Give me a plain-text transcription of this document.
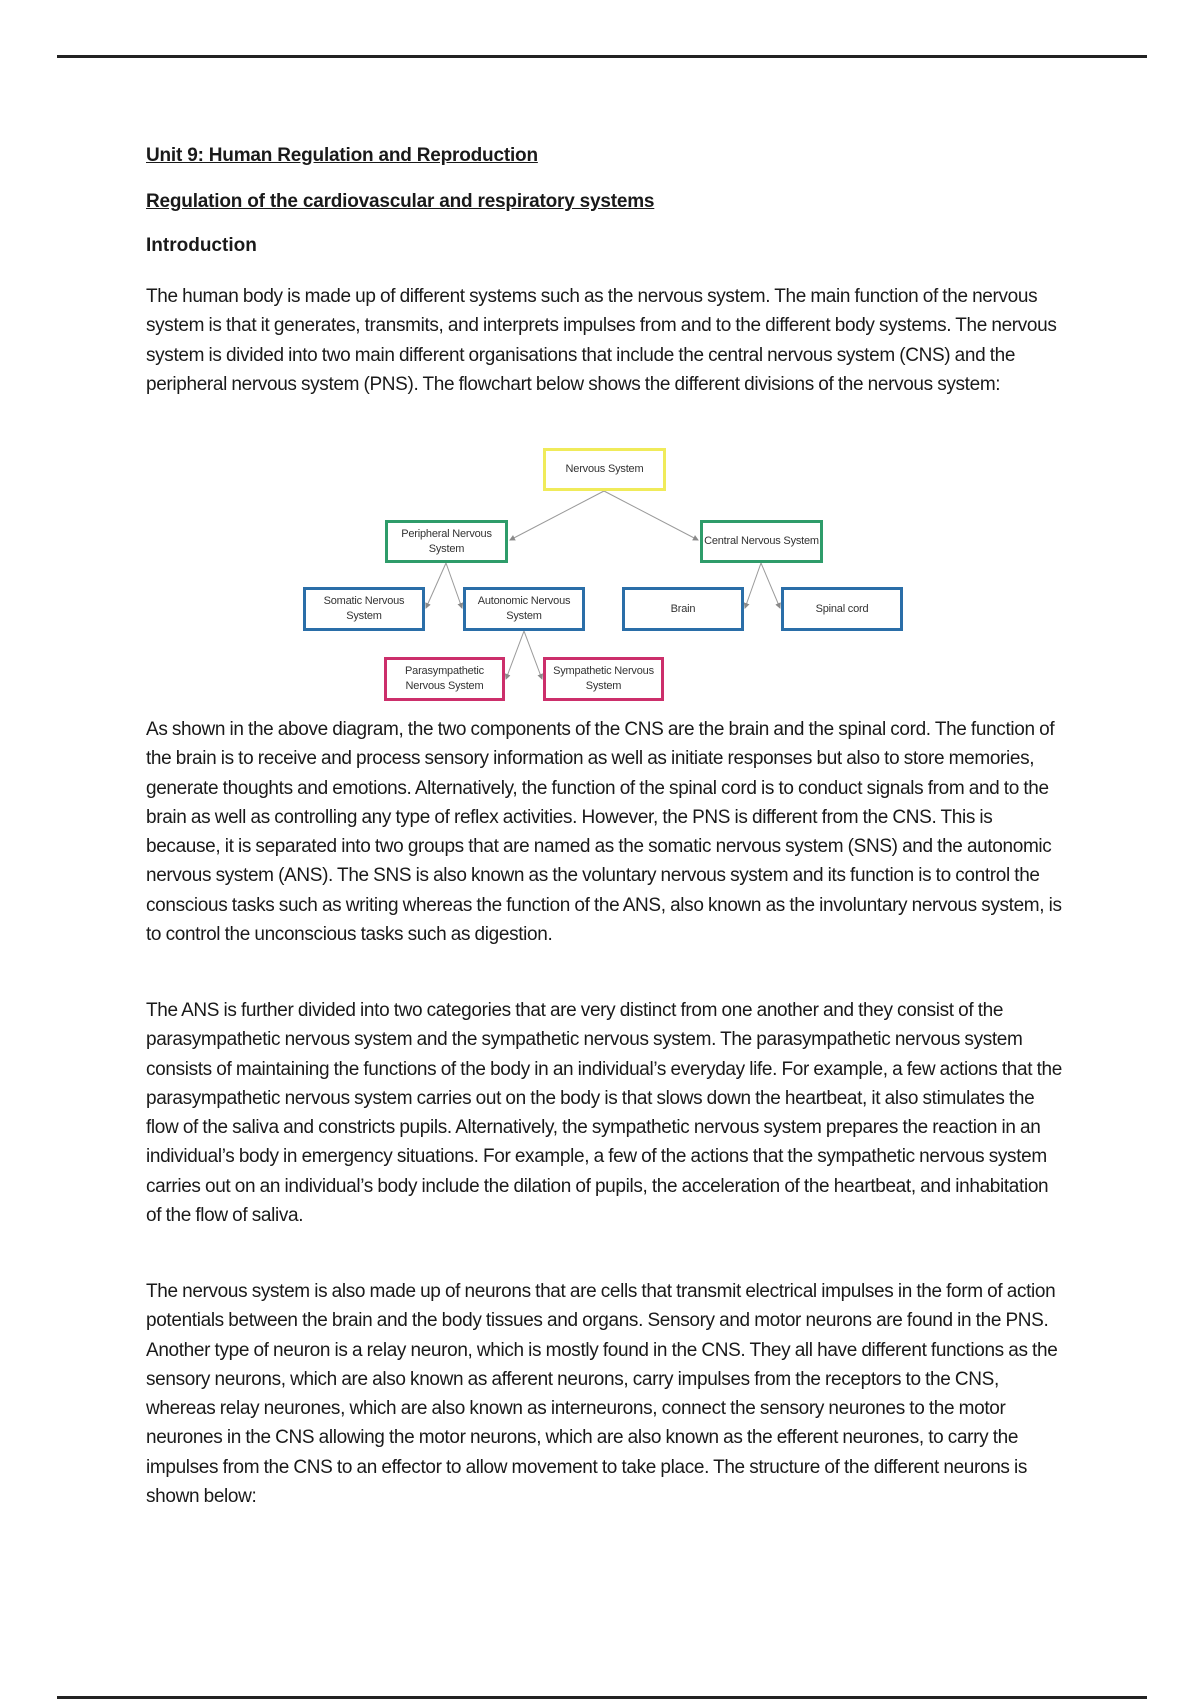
Unit 9: Human Regulation and Reproduction
Regulation of the cardiovascular and respiratory systems
Introduction

The human body is made up of different systems such as the nervous system. The main function of the nervous system is that it generates, transmits, and interprets impulses from and to the different body systems. The nervous system is divided into two main different organisations that include the central nervous system (CNS) and the peripheral nervous system (PNS). The flowchart below shows the different divisions of the nervous system:

Nervous System
Peripheral Nervous System
Central Nervous System
Somatic Nervous System
Autonomic Nervous System
Brain	Spinal cord
Parasympathetic Nervous System
Sympathetic Nervous System

As shown in the above diagram, the two components of the CNS are the brain and the spinal cord. The function of the brain is to receive and process sensory information as well as initiate responses but also to store memories, generate thoughts and emotions. Alternatively, the function of the spinal cord is to conduct signals from and to the brain as well as controlling any type of reflex activities. However, the PNS is different from the CNS. This is because, it is separated into two groups that are named as the somatic nervous system (SNS) and the autonomic nervous system (ANS). The SNS is also known as the voluntary nervous system and its function is to control the conscious tasks such as writing whereas the function of the ANS, also known as the involuntary nervous system, is to control the unconscious tasks such as digestion.

The ANS is further divided into two categories that are very distinct from one another and they consist of the parasympathetic nervous system and the sympathetic nervous system. The parasympathetic nervous system consists of maintaining the functions of the body in an individual’s everyday life. For example, a few actions that the parasympathetic nervous system carries out on the body is that slows down the heartbeat, it also stimulates the flow of the saliva and constricts pupils. Alternatively, the sympathetic nervous system prepares the reaction in an individual’s body in emergency situations. For example, a few of the actions that the sympathetic nervous system carries out on an individual’s body include the dilation of pupils, the acceleration of the heartbeat, and inhabitation of the flow of saliva.

The nervous system is also made up of neurons that are cells that transmit electrical impulses in the form of action potentials between the brain and the body tissues and organs. Sensory and motor neurons are found in the PNS. Another type of neuron is a relay neuron, which is mostly found in the CNS. They all have different functions as the sensory neurons, which are also known as afferent neurons, carry impulses from the receptors to the CNS, whereas relay neurones, which are also known as interneurons, connect the sensory neurones to the motor neurones in the CNS allowing the motor neurons, which are also known as the efferent neurones, to carry the impulses from the CNS to an effector to allow movement to take place. The structure of the different neurons is shown below:
